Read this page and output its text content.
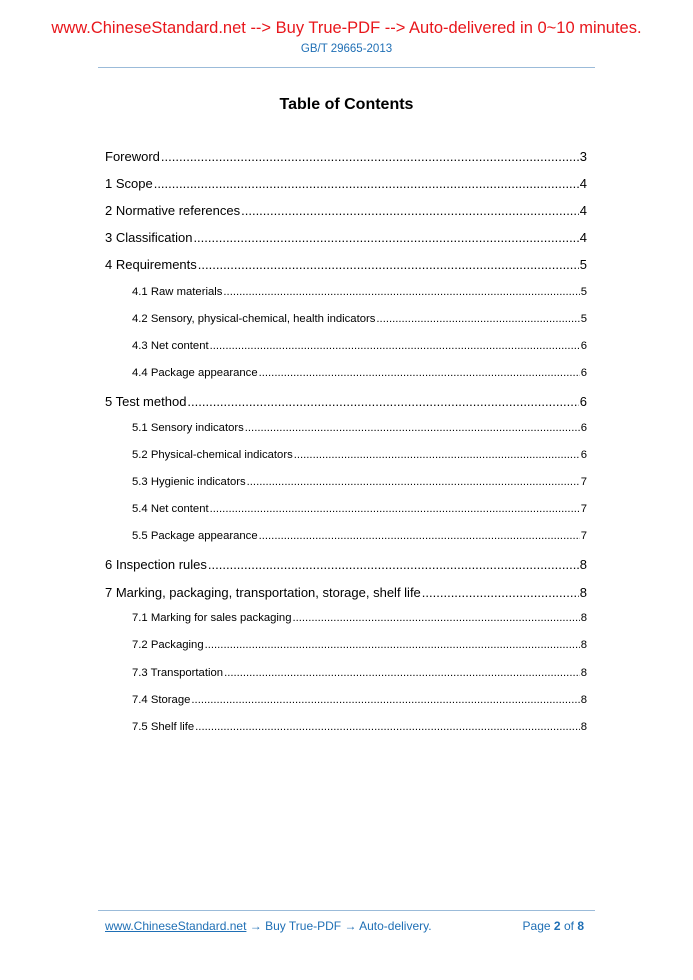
www.ChineseStandard.net --> Buy True-PDF --> Auto-delivered in 0~10 minutes.
GB/T 29665-2013
Table of Contents
Foreword .....	3
1 Scope .....	4
2 Normative references .....	4
3 Classification .....	4
4 Requirements .....	5
4.1 Raw materials .....	5
4.2 Sensory, physical-chemical, health indicators .....	5
4.3 Net content .....	6
4.4 Package appearance .....	6
5 Test method .....	6
5.1 Sensory indicators .....	6
5.2 Physical-chemical indicators .....	6
5.3 Hygienic indicators .....	7
5.4 Net content .....	7
5.5 Package appearance .....	7
6 Inspection rules .....	8
7 Marking, packaging, transportation, storage, shelf life .....	8
7.1 Marking for sales packaging .....	8
7.2 Packaging .....	8
7.3 Transportation .....	8
7.4 Storage .....	8
7.5 Shelf life .....	8
www.ChineseStandard.net → Buy True-PDF → Auto-delivery.	Page 2 of 8
